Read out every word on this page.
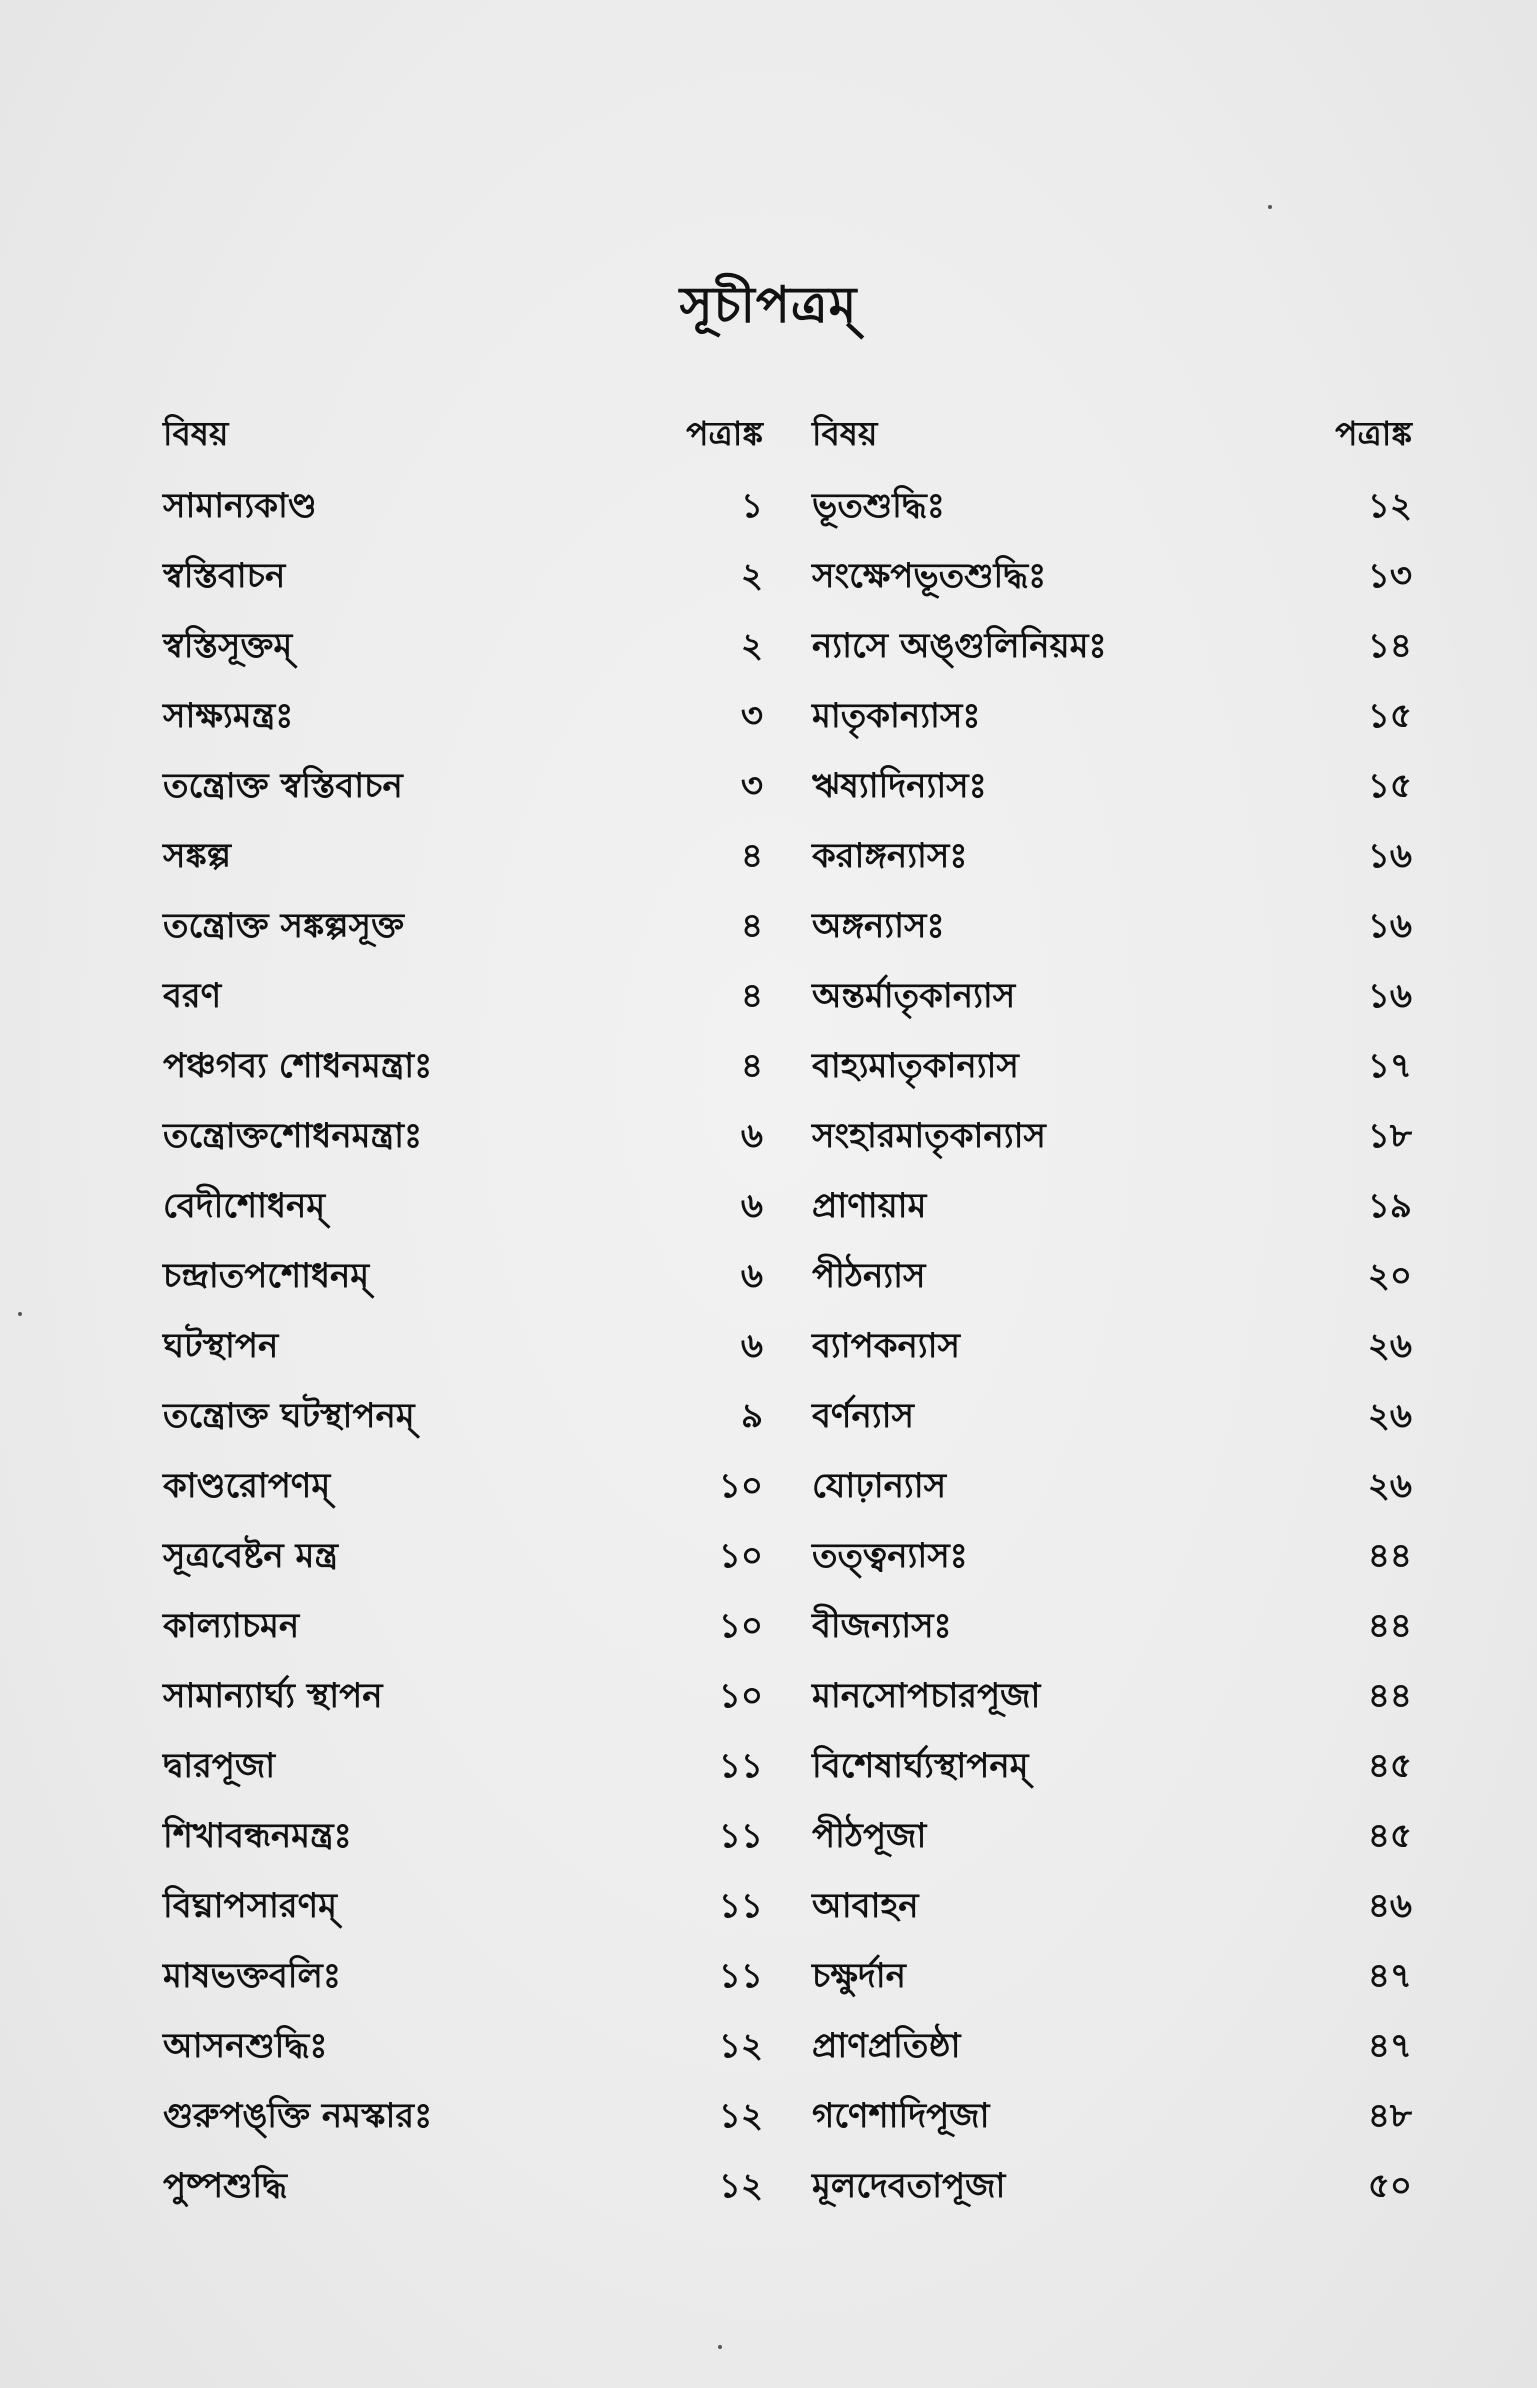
সূচীপত্রম্
বিষয়	পত্রাঙ্ক
সামান্যকাণ্ড	১
স্বস্তিবাচন	২
স্বস্তিসূক্তম্	২
সাক্ষ্যমন্ত্রঃ	৩
তন্ত্রোক্ত স্বস্তিবাচন	৩
সঙ্কল্প	৪
তন্ত্রোক্ত সঙ্কল্পসূক্ত	৪
বরণ	৪
পঞ্চগব্য শোধনমন্ত্রাঃ	৪
তন্ত্রোক্তশোধনমন্ত্রাঃ	৬
বেদীশোধনম্	৬
চন্দ্রাতপশোধনম্	৬
ঘটস্থাপন	৬
তন্ত্রোক্ত ঘটস্থাপনম্	৯
কাণ্ডরোপণম্	১০
সূত্রবেষ্টন মন্ত্র	১০
কাল্যাচমন	১০
সামান্যার্ঘ্য স্থাপন	১০
দ্বারপূজা	১১
শিখাবন্ধনমন্ত্রঃ	১১
বিঘ্নাপসারণম্	১১
মাষভক্তবলিঃ	১১
আসনশুদ্ধিঃ	১২
গুরুপঙ্‌ক্তি নমস্কারঃ	১২
পুষ্পশুদ্ধি	১২
বিষয়	পত্রাঙ্ক
ভূতশুদ্ধিঃ	১২
সংক্ষেপভূতশুদ্ধিঃ	১৩
ন্যাসে অঙ্গুলিনিয়মঃ	১৪
মাতৃকান্যাসঃ	১৫
ঋষ্যাদিন্যাসঃ	১৫
করাঙ্গন্যাসঃ	১৬
অঙ্গন্যাসঃ	১৬
অন্তর্মাতৃকান্যাস	১৬
বাহ্যমাতৃকান্যাস	১৭
সংহারমাতৃকান্যাস	১৮
প্রাণায়াম	১৯
পীঠন্যাস	২০
ব্যাপকন্যাস	২৬
বর্ণন্যাস	২৬
যোঢ়ান্যাস	২৬
তত্ত্বন্যাসঃ	৪৪
বীজন্যাসঃ	৪৪
মানসোপচারপূজা	৪৪
বিশেষার্ঘ্যস্থাপনম্	৪৫
পীঠপূজা	৪৫
আবাহন	৪৬
চক্ষুর্দান	৪৭
প্রাণপ্রতিষ্ঠা	৪৭
গণেশাদিপূজা	৪৮
মূলদেবতাপূজা	৫০
